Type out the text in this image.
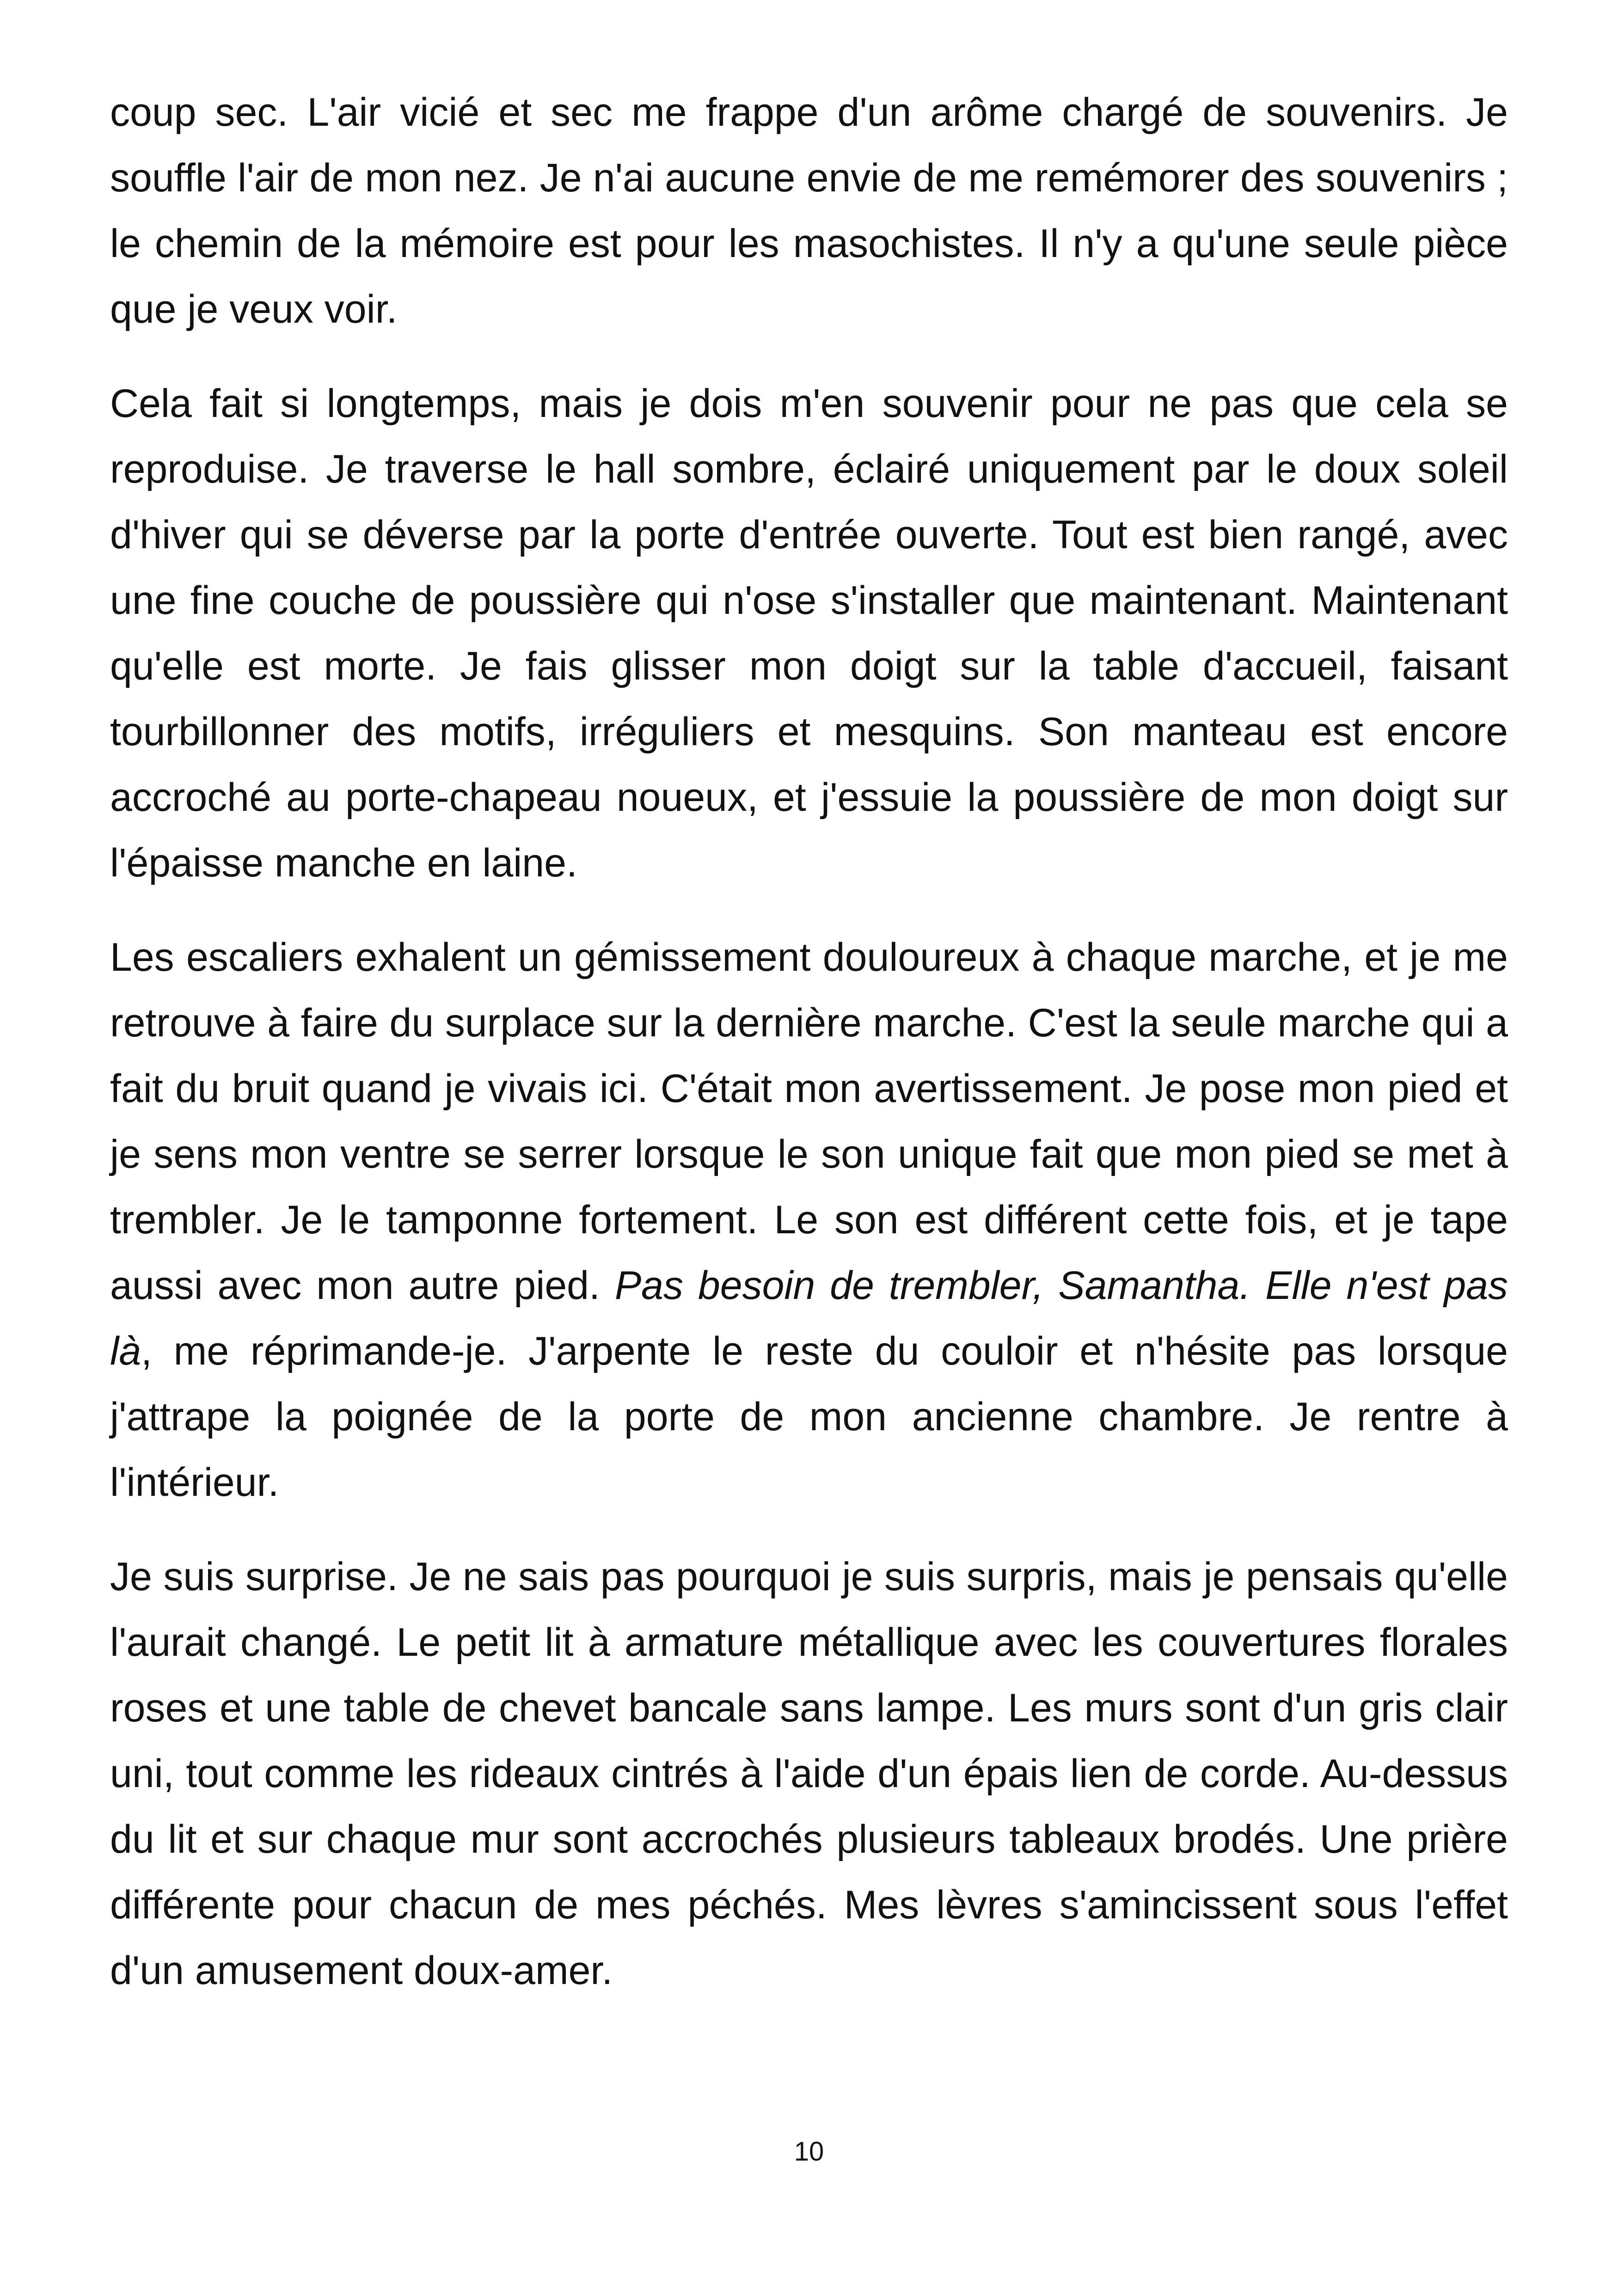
coup sec. L'air vicié et sec me frappe d'un arôme chargé de souvenirs. Je souffle l'air de mon nez. Je n'ai aucune envie de me remémorer des souvenirs ; le chemin de la mémoire est pour les masochistes. Il n'y a qu'une seule pièce que je veux voir.

Cela fait si longtemps, mais je dois m'en souvenir pour ne pas que cela se reproduise. Je traverse le hall sombre, éclairé uniquement par le doux soleil d'hiver qui se déverse par la porte d'entrée ouverte. Tout est bien rangé, avec une fine couche de poussière qui n'ose s'installer que maintenant. Maintenant qu'elle est morte. Je fais glisser mon doigt sur la table d'accueil, faisant tourbillonner des motifs, irréguliers et mesquins. Son manteau est encore accroché au porte-chapeau noueux, et j'essuie la poussière de mon doigt sur l'épaisse manche en laine.

Les escaliers exhalent un gémissement douloureux à chaque marche, et je me retrouve à faire du surplace sur la dernière marche. C'est la seule marche qui a fait du bruit quand je vivais ici. C'était mon avertissement. Je pose mon pied et je sens mon ventre se serrer lorsque le son unique fait que mon pied se met à trembler. Je le tamponne fortement. Le son est différent cette fois, et je tape aussi avec mon autre pied. Pas besoin de trembler, Samantha. Elle n'est pas là, me réprimande-je. J'arpente le reste du couloir et n'hésite pas lorsque j'attrape la poignée de la porte de mon ancienne chambre. Je rentre à l'intérieur.

Je suis surprise. Je ne sais pas pourquoi je suis surpris, mais je pensais qu'elle l'aurait changé. Le petit lit à armature métallique avec les couvertures florales roses et une table de chevet bancale sans lampe. Les murs sont d'un gris clair uni, tout comme les rideaux cintrés à l'aide d'un épais lien de corde. Au-dessus du lit et sur chaque mur sont accrochés plusieurs tableaux brodés. Une prière différente pour chacun de mes péchés. Mes lèvres s'amincissent sous l'effet d'un amusement doux-amer.

10
